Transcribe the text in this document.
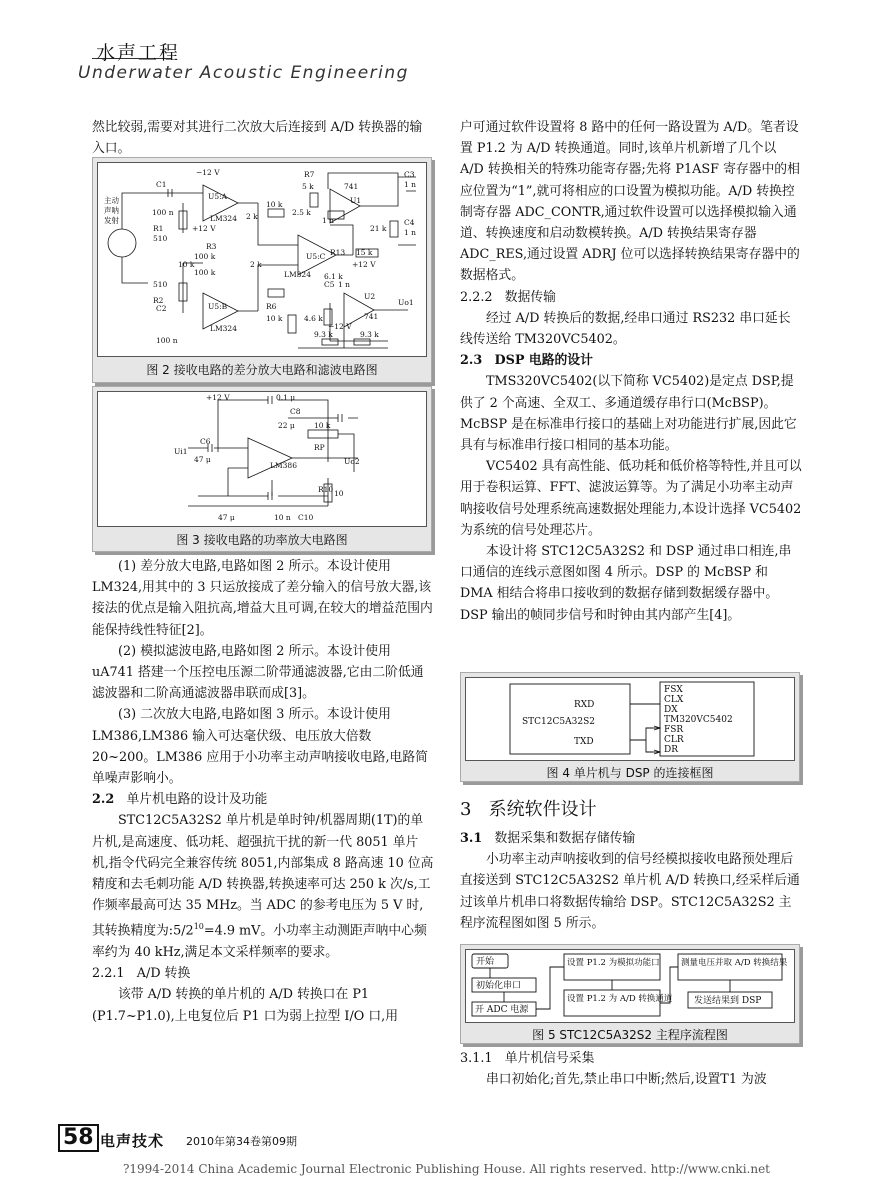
水声工程
Underwater Acoustic Engineering

然比较弱,需要对其进行二次放大后连接到 A/D 转换器的输入口。

主动
声呐
发射
C1
100 n
R1
510
510
R2
R3
100 k
10 k
100 k
100 n
C2	R6
10 k
U5:A
U5:B
U5:C
LM324
LM324
LM324
−12 V
+12 V
R7
5 k
10 k
2.5 k
2 k
2 k
741
U1
C3
1 n
C4
1 n
21 k
R13 15 k
6.1 k
C5 1 n
1 n
U2
741
4.6 k
9.3 k	9.3 k
Uo1
+12 V
−12 V
图 2 接收电路的差分放大电路和滤波电路图
+12 V	0.1 μ
C8
22 μ	10 k
RP
Ui1
C6
47 μ
LM386	Uo2
R10 10
47 μ	C10
10 n
图 3 接收电路的功率放大电路图

(1) 差分放大电路,电路如图 2 所示。本设计使用 LM324,用其中的 3 只运放接成了差分输入的信号放大器,该接法的优点是输入阻抗高,增益大且可调,在较大的增益范围内能保持线性特征[2]。

(2) 模拟滤波电路,电路如图 2 所示。本设计使用 uA741 搭建一个压控电压源二阶带通滤波器,它由二阶低通滤波器和二阶高通滤波器串联而成[3]。

(3) 二次放大电路,电路如图 3 所示。本设计使用 LM386,LM386 输入可达毫伏级、电压放大倍数 20~200。LM386 应用于小功率主动声呐接收电路,电路简单噪声影响小。

2.2 单片机电路的设计及功能

STC12C5A32S2 单片机是单时钟/机器周期(1T)的单片机,是高速度、低功耗、超强抗干扰的新一代 8051 单片机,指令代码完全兼容传统 8051,内部集成 8 路高速 10 位高精度和去毛刺功能 A/D 转换器,转换速率可达 250 k 次/s,工作频率最高可达 35 MHz。当 ADC 的参考电压为 5 V 时,其转换精度为$:5/2^{10}=4.9$ mV。小功率主动测距声呐中心频率约为 40 kHz,满足本文采样频率的要求。

2.2.1 A/D 转换

该带 A/D 转换的单片机的 A/D 转换口在 P1 (P1.7~P1.0),上电复位后 P1 口为弱上拉型 I/O 口,用

户可通过软件设置将 8 路中的任何一路设置为 A/D。笔者设置 P1.2 为 A/D 转换通道。同时,该单片机新增了几个以 A/D 转换相关的特殊功能寄存器;先将 P1ASF 寄存器中的相应位置为“1”,就可将相应的口设置为模拟功能。A/D 转换控制寄存器 ADC_CONTR,通过软件设置可以选择模拟输入通道、转换速度和启动数模转换。A/D 转换结果寄存器 ADC_RES,通过设置 ADRJ 位可以选择转换结果寄存器中的数据格式。

2.2.2 数据传输

经过 A/D 转换后的数据,经串口通过 RS232 串口延长线传送给 TM320VC5402。

2.3 DSP 电路的设计

TMS320VC5402(以下简称 VC5402)是定点 DSP,提供了 2 个高速、全双工、多通道缓存串行口(McBSP)。McBSP 是在标准串行接口的基础上对功能进行扩展,因此它具有与标准串行接口相同的基本功能。

VC5402 具有高性能、低功耗和低价格等特性,并且可以用于卷积运算、FFT、滤波运算等。为了满足小功率主动声呐接收信号处理系统高速数据处理能力,本设计选择 VC5402 为系统的信号处理芯片。

本设计将 STC12C5A32S2 和 DSP 通过串口相连,串口通信的连线示意图如图 4 所示。DSP 的 McBSP 和 DMA 相结合将串口接收到的数据存储到数据缓存器中。DSP 输出的帧同步信号和时钟由其内部产生[4]。

RXD
STC12C5A32S2
TXD
FSX
CLX
DX
TM320VC5402
FSR
CLR
DR
图 4 单片机与 DSP 的连接框图
3 系统软件设计
3.1 数据采集和数据存储传输

小功率主动声呐接收到的信号经模拟接收电路预处理后直接送到 STC12C5A32S2 单片机 A/D 转换口,经采样后通过该单片机串口将数据传输给 DSP。STC12C5A32S2 主程序流程图如图 5 所示。

开始
初始化串口
开 ADC 电源
设置 P1.2 为模拟功能口
设置 P1.2 为 A/D 转换通道
测量电压并取 A/D 转换结果
发送结果到 DSP
图 5 STC12C5A32S2 主程序流程图
3.1.1 单片机信号采集

串口初始化;首先,禁止串口中断;然后,设置T1 为波

58 电声技术 2010年第34卷第09期
?1994-2014 China Academic Journal Electronic Publishing House. All rights reserved. http://www.cnki.net
